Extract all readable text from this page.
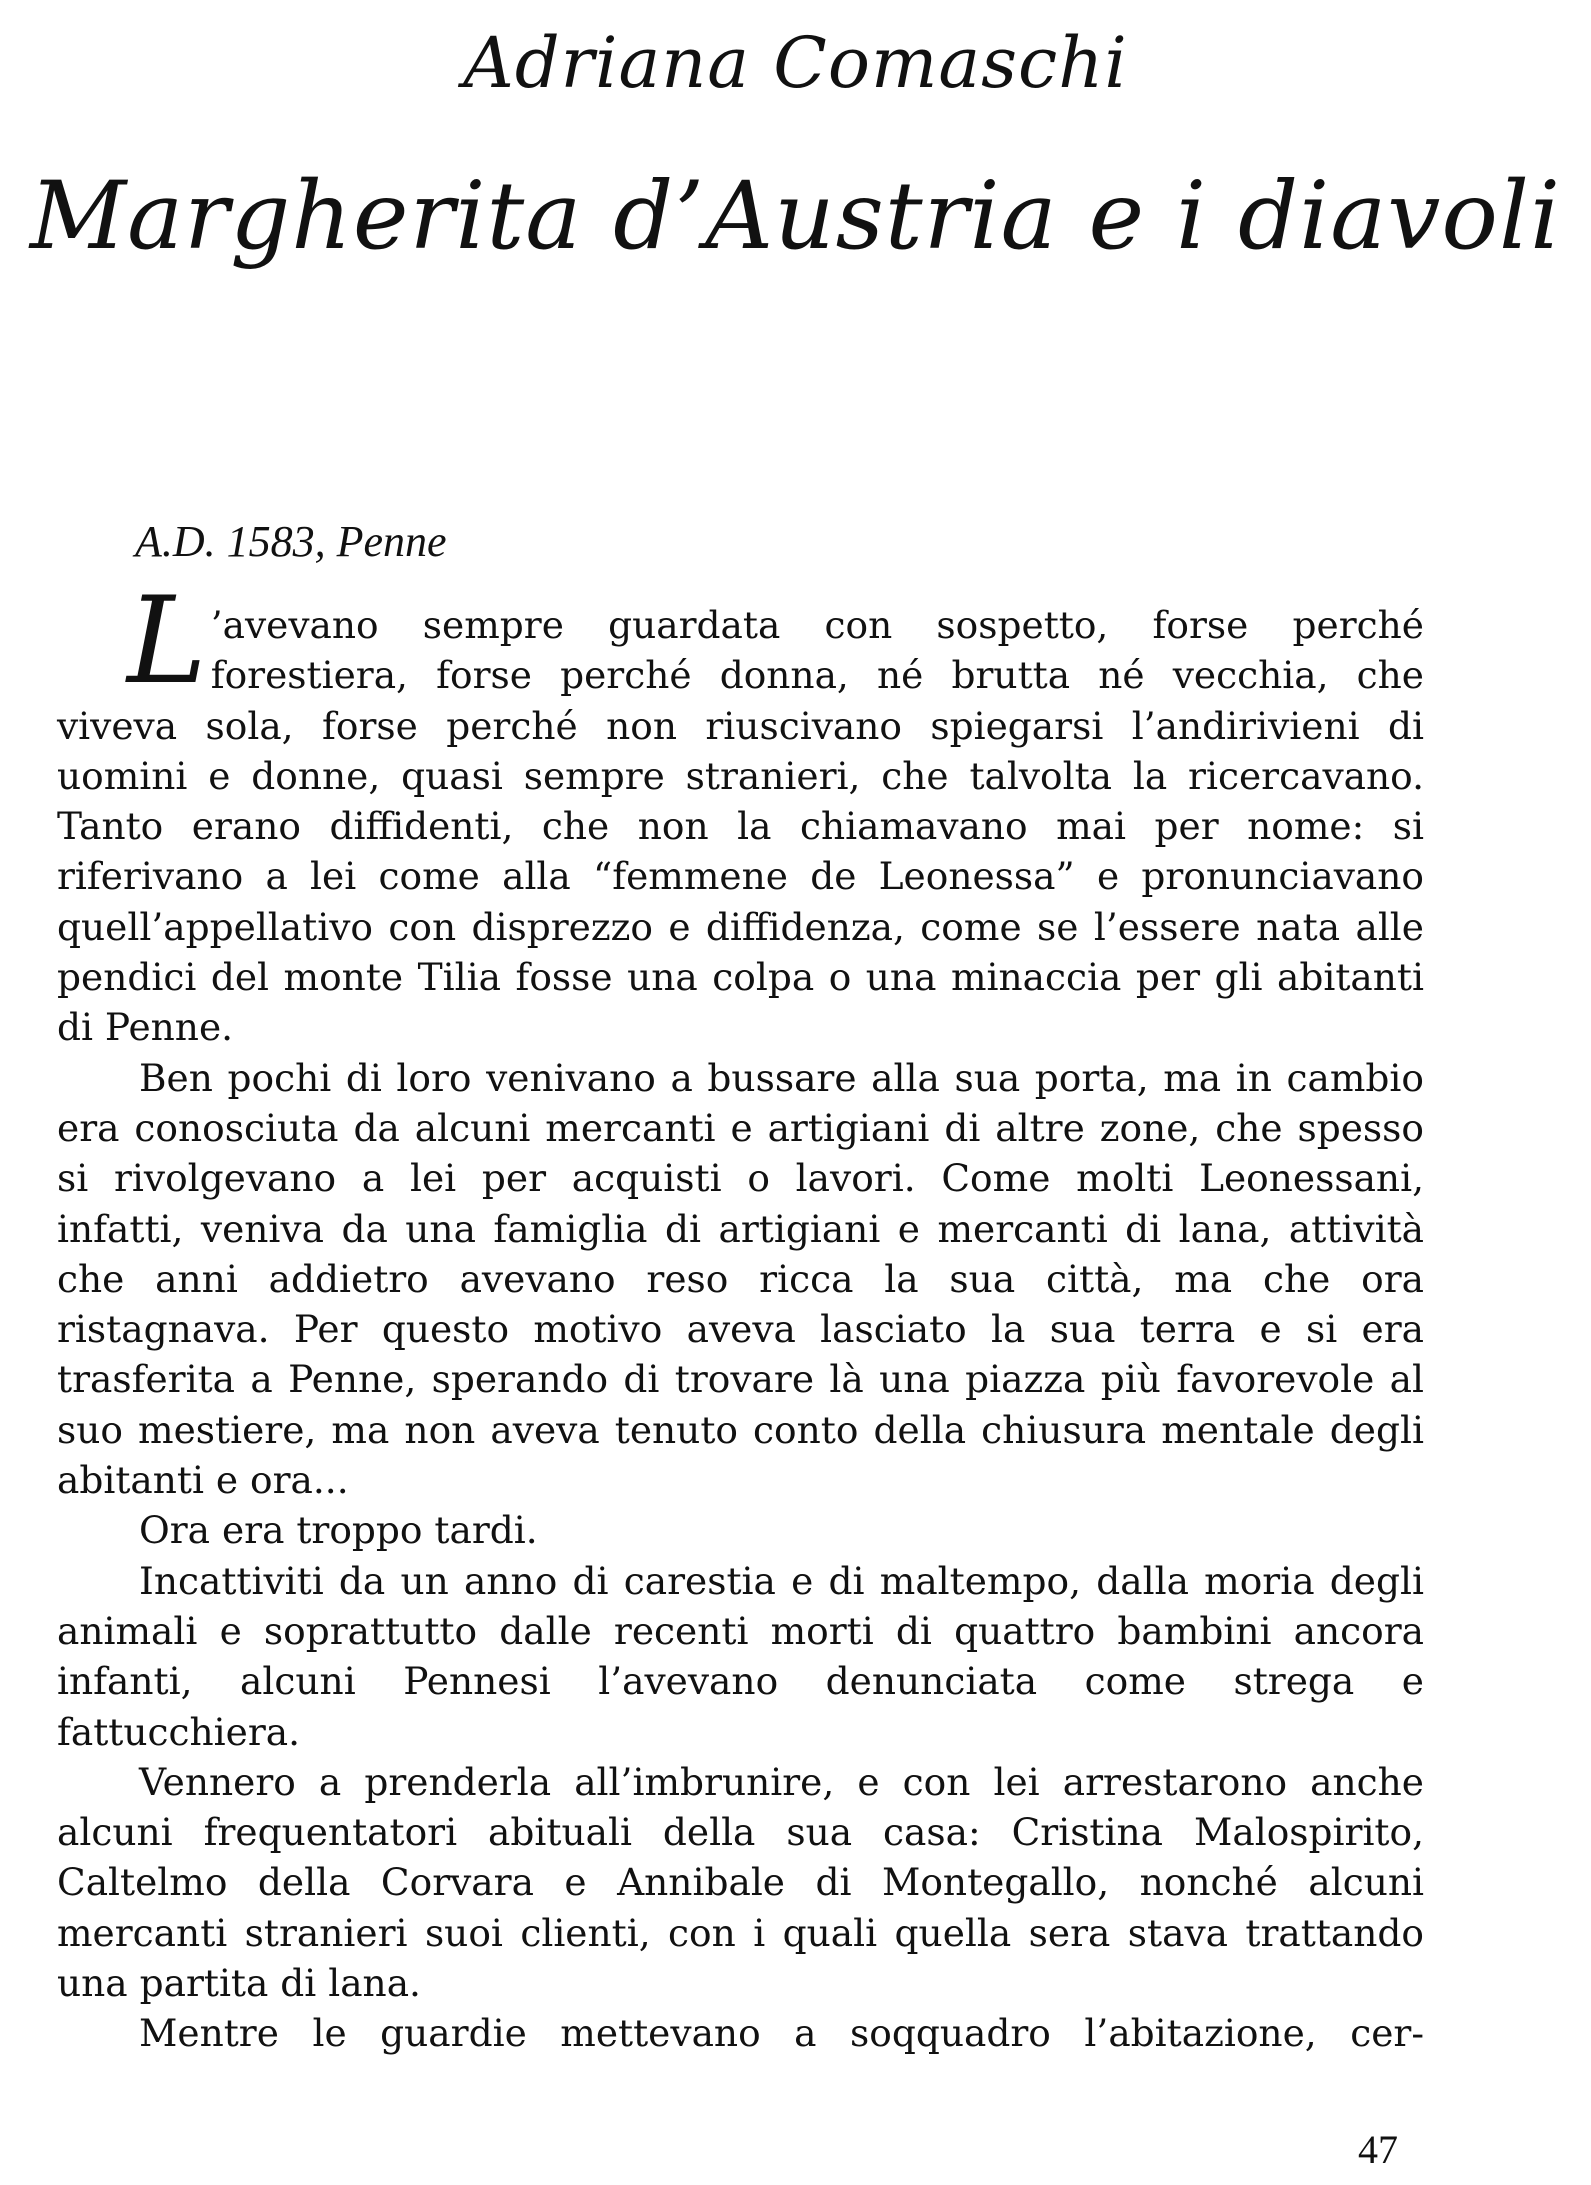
Adriana Comaschi
Margherita d’Austria e i diavoli
A.D. 1583, Penne

L ’avevano sempre guardata con sospetto, forse perché forestiera, forse perché donna, né brutta né vecchia, che viveva sola, forse perché non riuscivano spiegarsi l’andirivieni di uomini e donne, quasi sempre stranieri, che talvolta la ricercavano. Tanto erano diffidenti, che non la chiamavano mai per nome: si riferivano a lei come alla “femmene de Leonessa” e pronunciavano quell’appellativo con disprezzo e diffidenza, come se l’essere nata alle pendici del monte Tilia fosse una colpa o una minaccia per gli abitanti di Penne.

Ben pochi di loro venivano a bussare alla sua porta, ma in cambio era conosciuta da alcuni mercanti e artigiani di altre zone, che spesso si rivolgevano a lei per acquisti o lavori. Come molti Leonessani, infatti, veniva da una famiglia di artigiani e mercanti di lana, attività che anni addietro avevano reso ricca la sua città, ma che ora ristagnava. Per questo motivo aveva lasciato la sua terra e si era trasferita a Penne, sperando di trovare là una piazza più favorevole al suo mestiere, ma non aveva tenuto conto della chiusura mentale degli abitanti e ora...

Ora era troppo tardi.

Incattiviti da un anno di carestia e di maltempo, dalla moria degli animali e soprattutto dalle recenti morti di quattro bambini ancora infanti, alcuni Pennesi l’avevano denunciata come strega e fattucchiera.

Vennero a prenderla all’imbrunire, e con lei arrestarono anche alcuni frequentatori abituali della sua casa: Cristina Malospirito, Caltelmo della Corvara e Annibale di Montegallo, nonché alcuni mercanti stranieri suoi clienti, con i quali quella sera stava trattando una partita di lana.

Mentre le guardie mettevano a soqquadro l’abitazione, cer-

47
